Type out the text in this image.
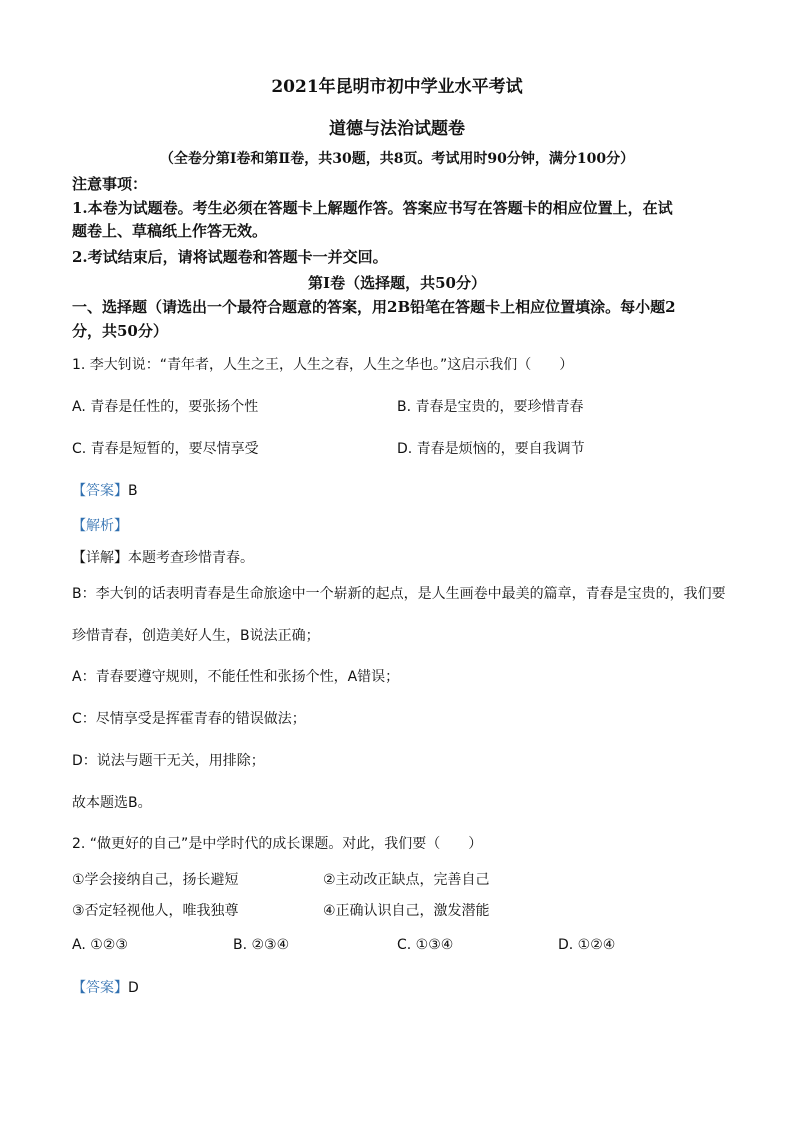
2021年昆明市初中学业水平考试
道德与法治试题卷
（全卷分第Ⅰ卷和第Ⅱ卷，共30题，共8页。考试用时90分钟，满分100分）
注意事项：
1.本卷为试题卷。考生必须在答题卡上解题作答。答案应书写在答题卡的相应位置上，在试
题卷上、草稿纸上作答无效。
2.考试结束后，请将试题卷和答题卡一并交回。
第Ⅰ卷（选择题，共50分）
一、选择题（请选出一个最符合题意的答案，用2B铅笔在答题卡上相应位置填涂。每小题2
分，共50分）
1. 李大钊说：“青年者，人生之王，人生之春，人生之华也。”这启示我们（　　）
A. 青春是任性的，要张扬个性	B. 青春是宝贵的，要珍惜青春
C. 青春是短暂的，要尽情享受	D. 青春是烦恼的，要自我调节
【答案】B
【解析】
【详解】本题考查珍惜青春。
B：李大钊的话表明青春是生命旅途中一个崭新的起点，是人生画卷中最美的篇章，青春是宝贵的，我们要
珍惜青春，创造美好人生，B说法正确；
A：青春要遵守规则，不能任性和张扬个性，A错误；
C：尽情享受是挥霍青春的错误做法；
D：说法与题干无关，用排除；
故本题选B。
2. “做更好的自己”是中学时代的成长课题。对此，我们要（　　）
①学会接纳自己，扬长避短	②主动改正缺点，完善自己
③否定轻视他人，唯我独尊	④正确认识自己，激发潜能
A. ①②③	B. ②③④	C. ①③④	D. ①②④
【答案】D
